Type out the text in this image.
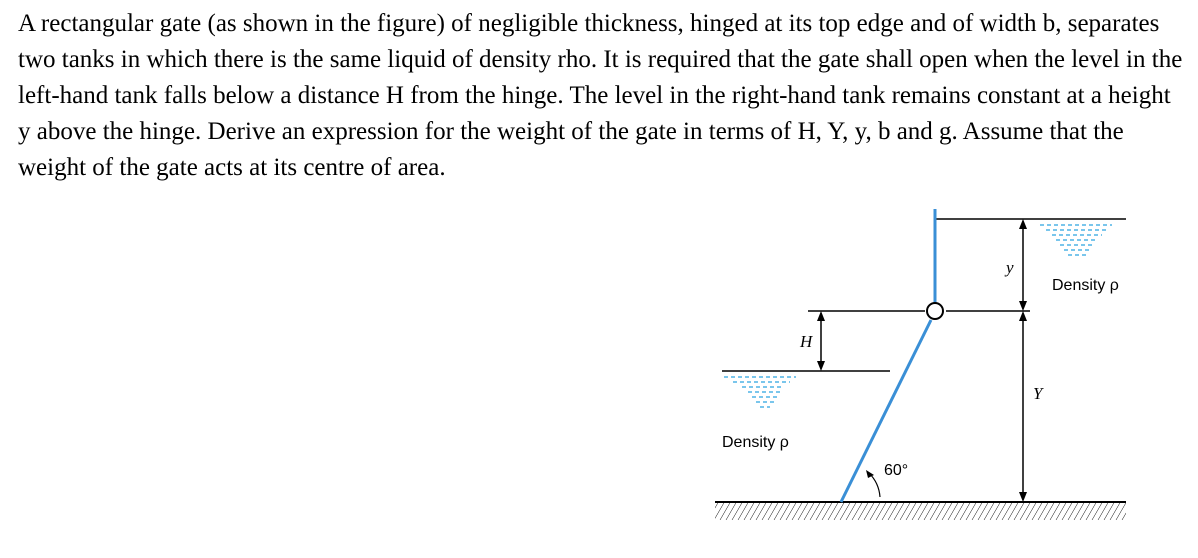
A rectangular gate (as shown in the figure) of negligible thickness, hinged at its top edge and of width b, separates two tanks in which there is the same liquid of density rho. It is required that the gate shall open when the level in the left-hand tank falls below a distance H from the hinge. The level in the right-hand tank remains constant at a height y above the hinge. Derive an expression for the weight of the gate in terms of H, Y, y, b and g. Assume that the weight of the gate acts at its centre of area.

H
y
Y
60°
Density ρ
Density ρ
